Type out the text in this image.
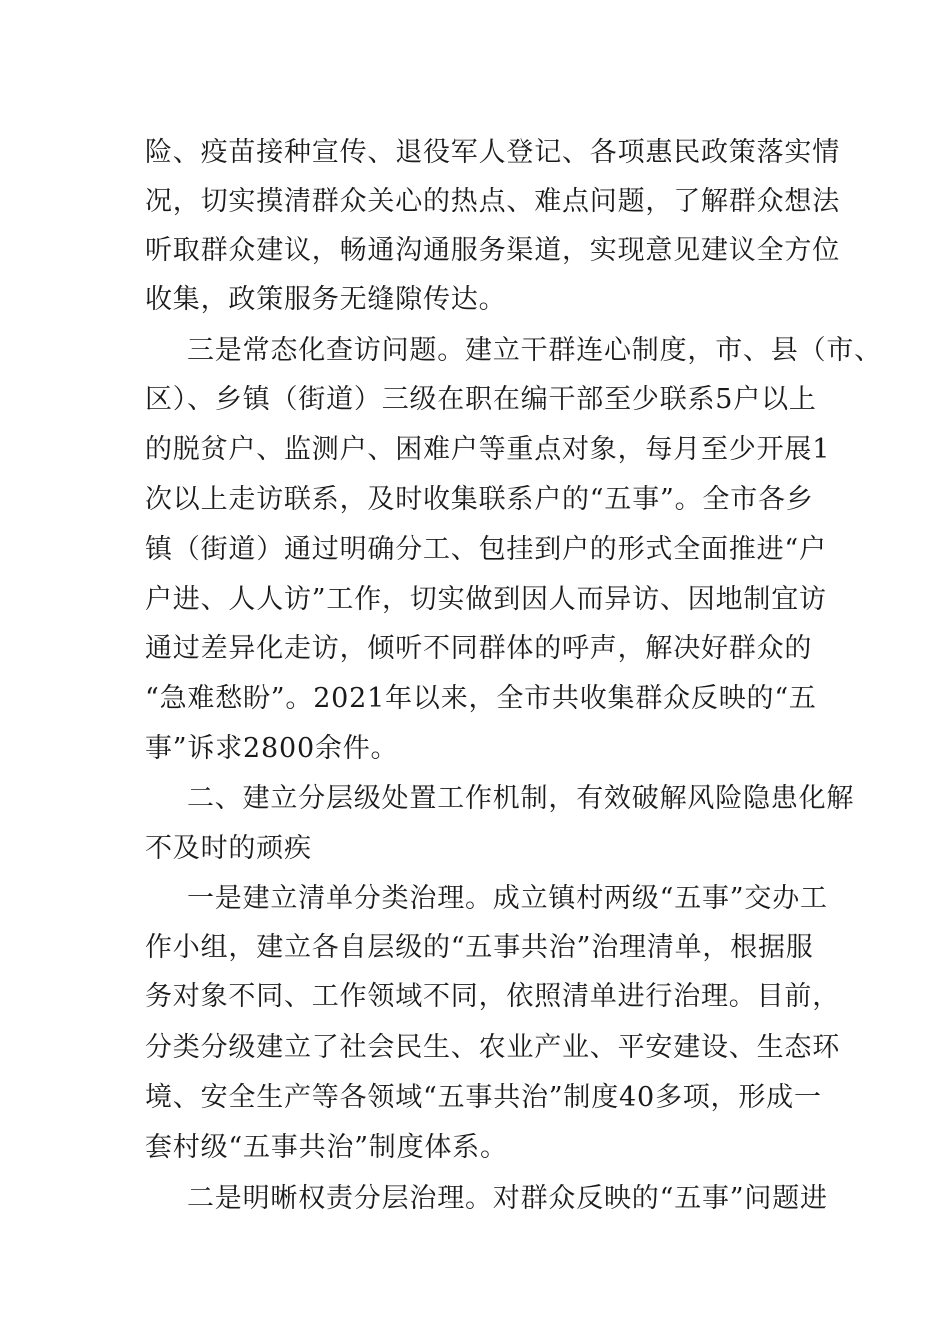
险、疫苗接种宣传、退役军人登记、各项惠民政策落实情
况，切实摸清群众关心的热点、难点问题，了解群众想法
听取群众建议，畅通沟通服务渠道，实现意见建议全方位
收集，政策服务无缝隙传达。
三是常态化查访问题。建立干群连心制度，市、县（市、
区）、乡镇（街道）三级在职在编干部至少联系5户以上
的脱贫户、监测户、困难户等重点对象，每月至少开展1
次以上走访联系，及时收集联系户的“五事”。全市各乡
镇（街道）通过明确分工、包挂到户的形式全面推进“户
户进、人人访”工作，切实做到因人而异访、因地制宜访
通过差异化走访，倾听不同群体的呼声，解决好群众的
“急难愁盼”。2021年以来，全市共收集群众反映的“五
事”诉求2800余件。
二、建立分层级处置工作机制，有效破解风险隐患化解
不及时的顽疾
一是建立清单分类治理。成立镇村两级“五事”交办工
作小组，建立各自层级的“五事共治”治理清单，根据服
务对象不同、工作领域不同，依照清单进行治理。目前，
分类分级建立了社会民生、农业产业、平安建设、生态环
境、安全生产等各领域“五事共治”制度40多项，形成一
套村级“五事共治”制度体系。
二是明晰权责分层治理。对群众反映的“五事”问题进
